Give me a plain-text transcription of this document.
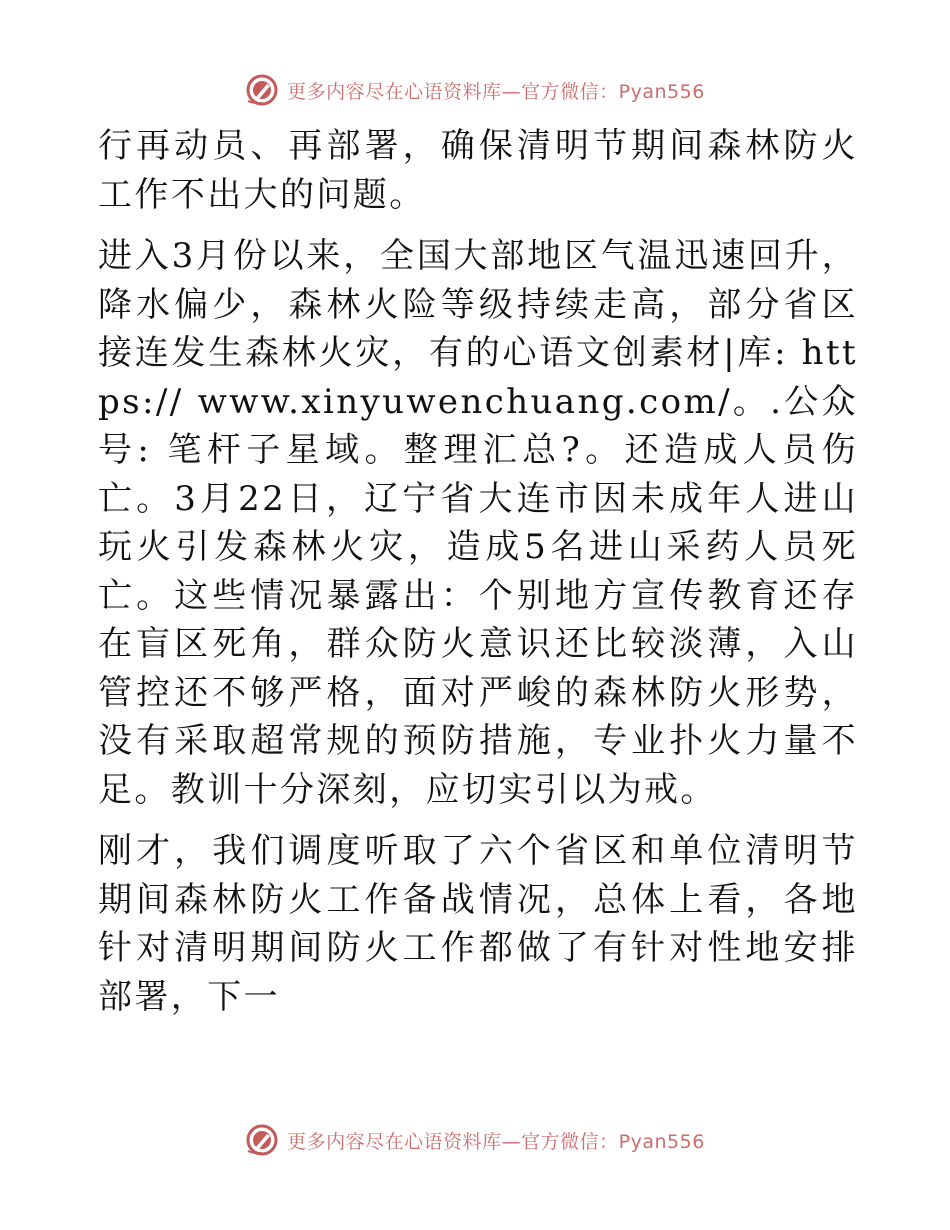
更多内容尽在心语资料库—官方微信：Pyan556

行再动员、再部署，确保清明节期间森林防火工作不出大的问题。

进入3月份以来，全国大部地区气温迅速回升，降水偏少，森林火险等级持续走高，部分省区接连发生森林火灾，有的心语文创素材|库: https:// www.xinyuwenchuang.com/。.公众号: 笔杆子星域。整理汇总?。还造成人员伤亡。3月22日，辽宁省大连市因未成年人进山玩火引发森林火灾，造成5名进山采药人员死亡。这些情况暴露出：个别地方宣传教育还存在盲区死角，群众防火意识还比较淡薄，入山管控还不够严格，面对严峻的森林防火形势，没有采取超常规的预防措施，专业扑火力量不足。教训十分深刻，应切实引以为戒。

刚才，我们调度听取了六个省区和单位清明节期间森林防火工作备战情况，总体上看，各地针对清明期间防火工作都做了有针对性地安排部署，下一

更多内容尽在心语资料库—官方微信：Pyan556
